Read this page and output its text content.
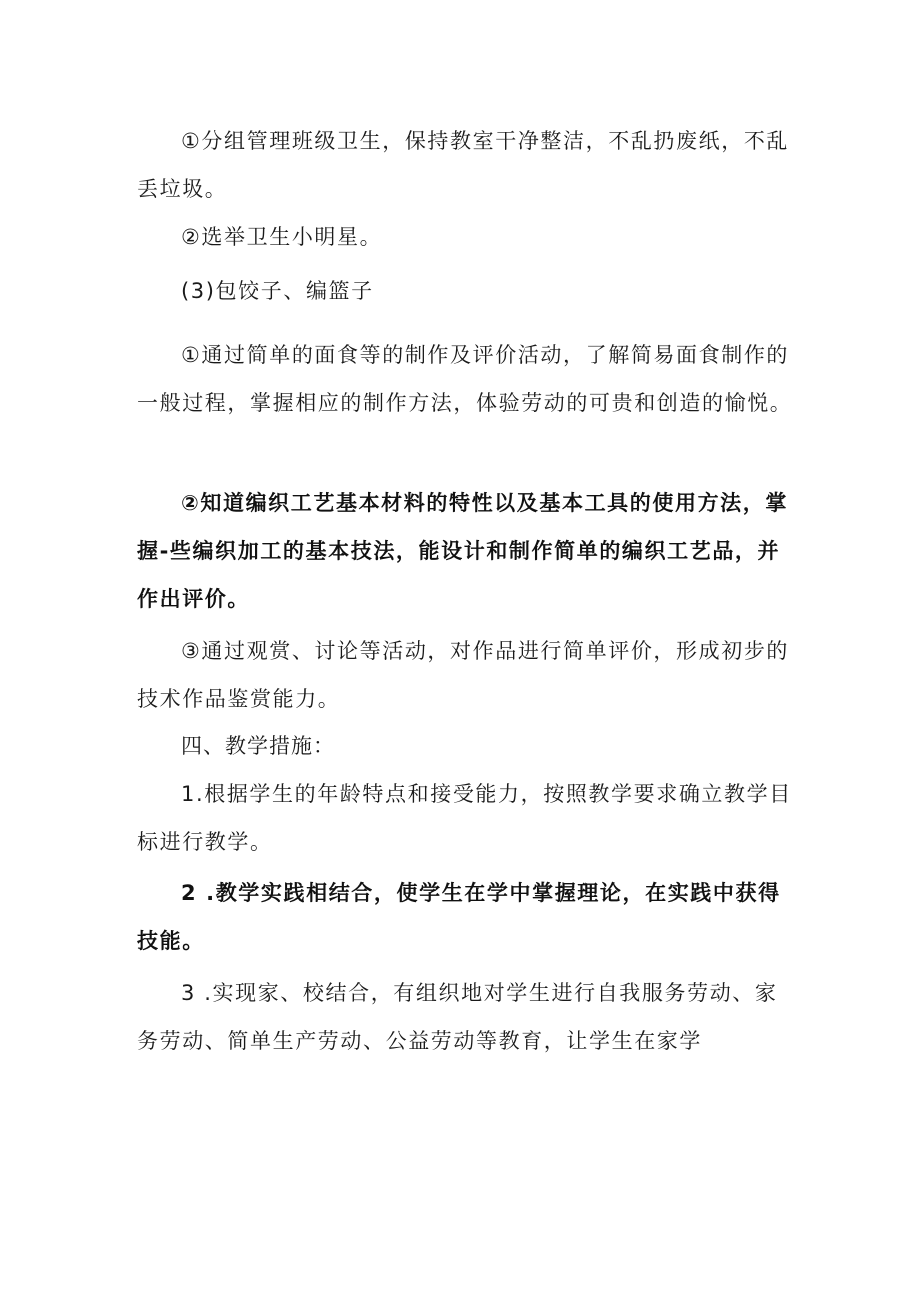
①分组管理班级卫生，保持教室干净整洁，不乱扔废纸，不乱丢垃圾。

②选举卫生小明星。

(3)包饺子、编篮子

①通过简单的面食等的制作及评价活动，了解简易面食制作的一般过程，掌握相应的制作方法，体验劳动的可贵和创造的愉悦。

②知道编织工艺基本材料的特性以及基本工具的使用方法，掌握-些编织加工的基本技法，能设计和制作简单的编织工艺品，并作出评价。

③通过观赏、讨论等活动，对作品进行简单评价，形成初步的技术作品鉴赏能力。

四、教学措施：

1.根据学生的年龄特点和接受能力，按照教学要求确立教学目标进行教学。

2 .教学实践相结合，使学生在学中掌握理论，在实践中获得技能。

3 .实现家、校结合，有组织地对学生进行自我服务劳动、家务劳动、简单生产劳动、公益劳动等教育，让学生在家学
